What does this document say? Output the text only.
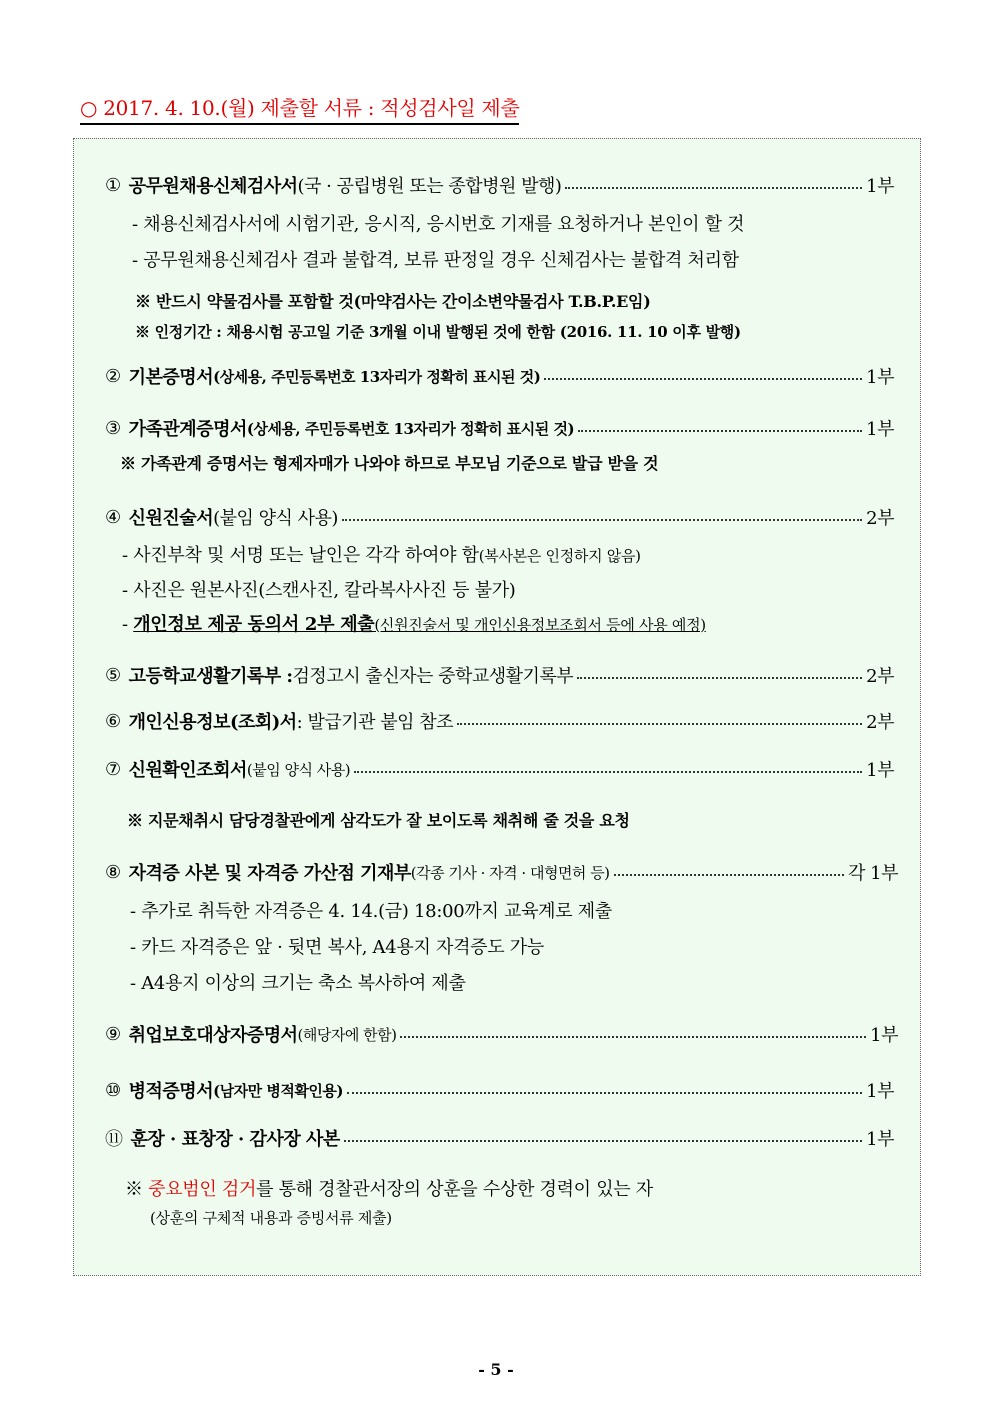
○ 2017. 4. 10.(월) 제출할 서류 : 적성검사일 제출
① 공무원채용신체검사서 (국 · 공립병원 또는 종합병원 발행)	1부
- 채용신체검사서에 시험기관, 응시직, 응시번호 기재를 요청하거나 본인이 할 것
- 공무원채용신체검사 결과 불합격, 보류 판정일 경우 신체검사는 불합격 처리함
※ 반드시 약물검사를 포함할 것(마약검사는 간이소변약물검사 T.B.P.E임)
※ 인정기간 : 채용시험 공고일 기준 3개월 이내 발행된 것에 한함 (2016. 11. 10 이후 발행)
② 기본증명서 (상세용, 주민등록번호 13자리가 정확히 표시된 것)	1부
③ 가족관계증명서 (상세용, 주민등록번호 13자리가 정확히 표시된 것)	1부
※ 가족관계 증명서는 형제자매가 나와야 하므로 부모님 기준으로 발급 받을 것
④ 신원진술서 (붙임 양식 사용)	2부
- 사진부착 및 서명 또는 날인은 각각 하여야 함(복사본은 인정하지 않음)
- 사진은 원본사진(스캔사진, 칼라복사사진 등 불가)
- 개인정보 제공 동의서 2부 제출(신원진술서 및 개인신용정보조회서 등에 사용 예정)
⑤ 고등학교생활기록부 : 검정고시 출신자는 중학교생활기록부	2부
⑥ 개인신용정보(조회)서 : 발급기관 붙임 참조	2부
⑦ 신원확인조회서 (붙임 양식 사용)	1부
※ 지문채취시 담당경찰관에게 삼각도가 잘 보이도록 채취해 줄 것을 요청
⑧ 자격증 사본 및 자격증 가산점 기재부 (각종 기사 · 자격 · 대형면허 등)	각 1부
- 추가로 취득한 자격증은 4. 14.(금) 18:00까지 교육계로 제출
- 카드 자격증은 앞 · 뒷면 복사, A4용지 자격증도 가능
- A4용지 이상의 크기는 축소 복사하여 제출
⑨ 취업보호대상자증명서 (해당자에 한함)	1부
⑩ 병적증명서 (남자만 병적확인용)	1부
⑪ 훈장 · 표창장 · 감사장 사본	1부
※ 중요범인 검거를 통해 경찰관서장의 상훈을 수상한 경력이 있는 자
(상훈의 구체적 내용과 증빙서류 제출)
- 5 -
